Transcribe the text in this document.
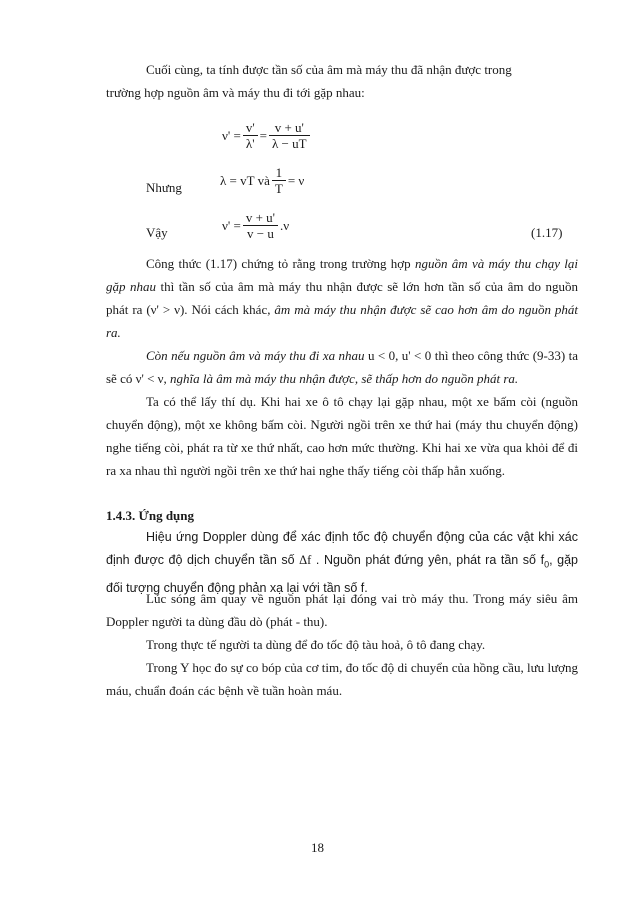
Cuối cùng, ta tính được tần số của âm mà máy thu đã nhận được trong
trường hợp nguồn âm và máy thu đi tới gặp nhau:
$\nu' = \frac{v'}{\lambda'} = \frac{v + u'}{\lambda - uT}$
Nhưng	λ = vT và $\frac{1}{T} = \nu$
Vậy	$\nu' = \frac{v + u'}{v - u} .\nu$	(1.17)
Công thức (1.17) chứng tỏ rằng trong trường hợp nguồn âm và máy thu chạy lại gặp nhau thì tần số của âm mà máy thu nhận được sẽ lớn hơn tần số của âm do nguồn phát ra (ν' > ν). Nói cách khác, âm mà máy thu nhận được sẽ cao hơn âm do nguồn phát ra.
Còn nếu nguồn âm và máy thu đi xa nhau u < 0, u' < 0 thì theo công thức (9-33) ta sẽ có ν' < ν, nghĩa là âm mà máy thu nhận được, sẽ thấp hơn do nguồn phát ra.
Ta có thể lấy thí dụ. Khi hai xe ô tô chạy lại gặp nhau, một xe bấm còi (nguồn chuyển động), một xe không bấm còi. Người ngồi trên xe thứ hai (máy thu chuyển động) nghe tiếng còi, phát ra từ xe thứ nhất, cao hơn mức thường. Khi hai xe vừa qua khỏi để đi ra xa nhau thì người ngồi trên xe thứ hai nghe thấy tiếng còi thấp hẳn xuống.
1.4.3. Ứng dụng
Hiệu ứng Doppler dùng để xác định tốc độ chuyển động của các vật khi xác định được độ dịch chuyển tần số Δf . Nguồn phát đứng yên, phát ra tần số $f_0$, gặp đối tượng chuyển động phản xạ lại với tần số f.
Lúc sóng âm quay về nguồn phát lại đóng vai trò máy thu. Trong máy siêu âm Doppler người ta dùng đầu dò (phát - thu).
Trong thực tế người ta dùng để đo tốc độ tàu hoả, ô tô đang chạy.
Trong Y học đo sự co bóp của cơ tim, đo tốc độ di chuyển của hồng cầu, lưu lượng máu, chuẩn đoán các bệnh về tuần hoàn máu.
18
